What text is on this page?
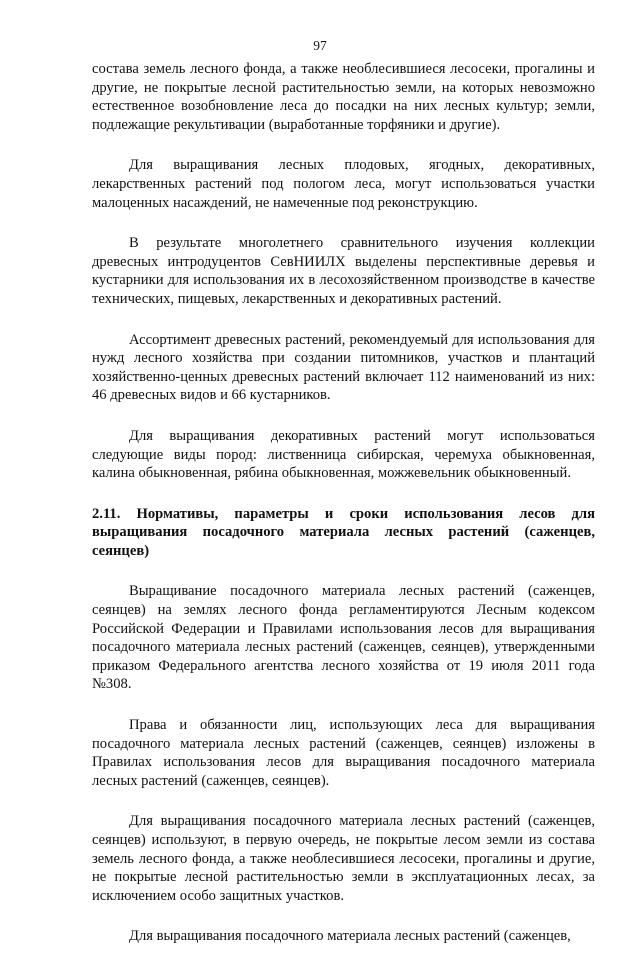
97

состава земель лесного фонда, а также необлесившиеся лесосеки, прогалины и другие, не покрытые лесной растительностью земли, на которых невозможно естественное возобновление леса до посадки на них лесных культур; земли, подлежащие рекультивации (выработанные торфяники и другие).

Для выращивания лесных плодовых, ягодных, декоративных, лекарственных растений под пологом леса, могут использоваться участки малоценных насаждений, не намеченные под реконструкцию.

В результате многолетнего сравнительного изучения коллекции древесных интродуцентов СевНИИЛХ выделены перспективные деревья и кустарники для использования их в лесохозяйственном производстве в качестве технических, пищевых, лекарственных и декоративных растений.

Ассортимент древесных растений, рекомендуемый для использования для нужд лесного хозяйства при создании питомников, участков и плантаций хозяйственно-ценных древесных растений включает 112 наименований из них: 46 древесных видов и 66 кустарников.

Для выращивания декоративных растений могут использоваться следующие виды пород: лиственница сибирская, черемуха обыкновенная, калина обыкновенная, рябина обыкновенная, можжевельник обыкновенный.

2.11. Нормативы, параметры и сроки использования лесов для выращивания посадочного материала лесных растений (саженцев, сеянцев)

Выращивание посадочного материала лесных растений (саженцев, сеянцев) на землях лесного фонда регламентируются Лесным кодексом Российской Федерации и Правилами использования лесов для выращивания посадочного материала лесных растений (саженцев, сеянцев), утвержденными приказом Федерального агентства лесного хозяйства от 19 июля 2011 года №308.

Права и обязанности лиц, использующих леса для выращивания посадочного материала лесных растений (саженцев, сеянцев) изложены в Правилах использования лесов для выращивания посадочного материала лесных растений (саженцев, сеянцев).

Для выращивания посадочного материала лесных растений (саженцев, сеянцев) используют, в первую очередь, не покрытые лесом земли из состава земель лесного фонда, а также необлесившиеся лесосеки, прогалины и другие, не покрытые лесной растительностью земли в эксплуатационных лесах, за исключением особо защитных участков.

Для выращивания посадочного материала лесных растений (саженцев,
